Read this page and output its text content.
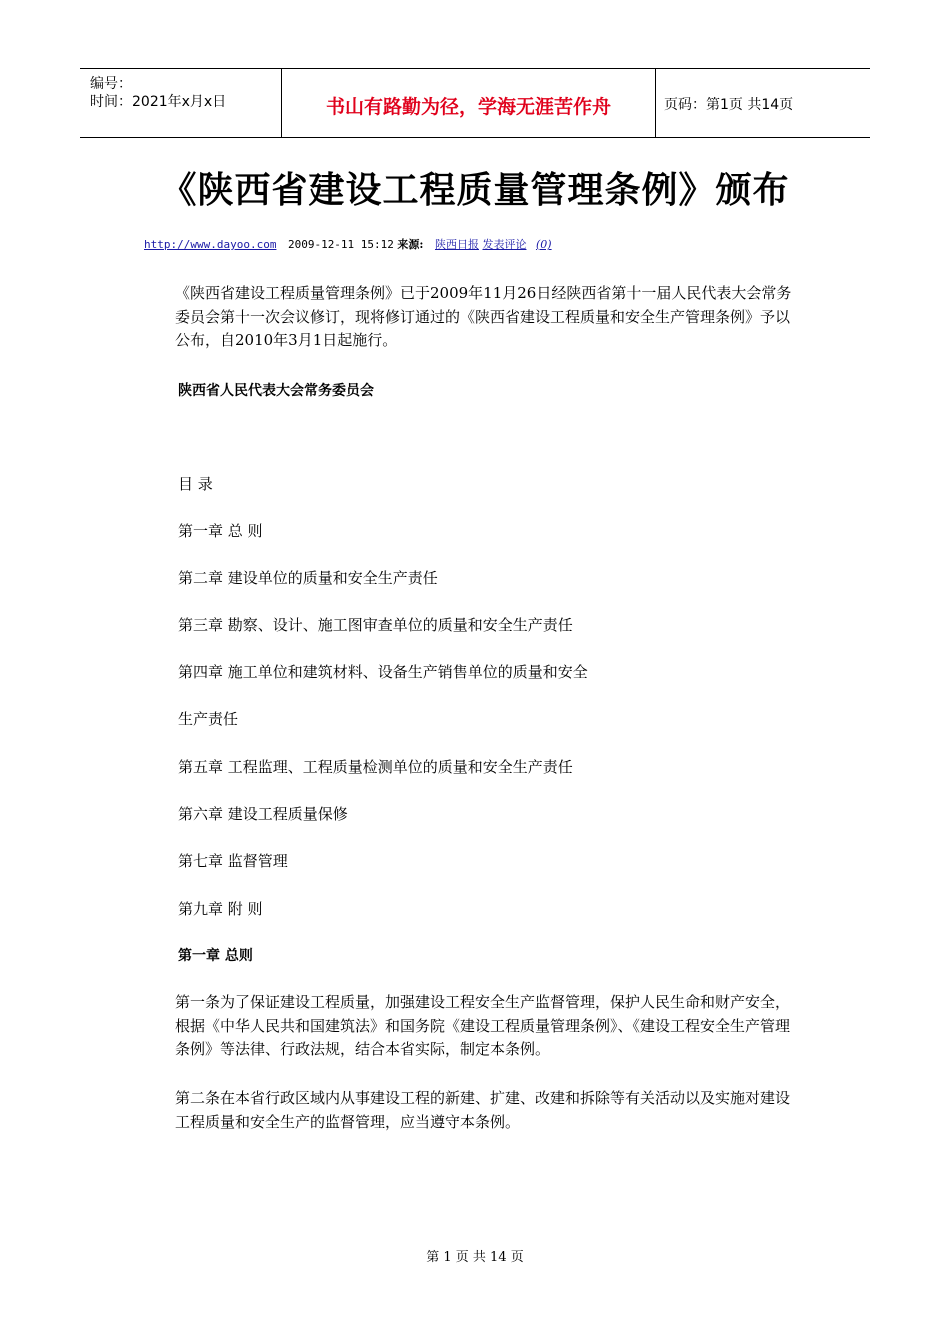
编号：
时间：2021年x月x日	书山有路勤为径，学海无涯苦作舟	页码：第1页 共14页
《陕西省建设工程质量管理条例》颁布
http://www.dayoo.com 2009-12-11 15:12 来源: 陕西日报 发表评论 (0)
《陕西省建设工程质量管理条例》已于2009年11月26日经陕西省第十一届人民代表大会常务委员会第十一次会议修订，现将修订通过的《陕西省建设工程质量和安全生产管理条例》予以公布，自2010年3月1日起施行。
陕西省人民代表大会常务委员会
目 录
第一章 总 则
第二章 建设单位的质量和安全生产责任
第三章 勘察、设计、施工图审查单位的质量和安全生产责任
第四章 施工单位和建筑材料、设备生产销售单位的质量和安全
生产责任
第五章 工程监理、工程质量检测单位的质量和安全生产责任
第六章 建设工程质量保修
第七章 监督管理
第九章 附 则
第一章 总则
第一条为了保证建设工程质量，加强建设工程安全生产监督管理，保护人民生命和财产安全，根据《中华人民共和国建筑法》和国务院《建设工程质量管理条例》、《建设工程安全生产管理条例》等法律、行政法规，结合本省实际，制定本条例。
第二条在本省行政区域内从事建设工程的新建、扩建、改建和拆除等有关活动以及实施对建设工程质量和安全生产的监督管理，应当遵守本条例。
第 1 页 共 14 页
